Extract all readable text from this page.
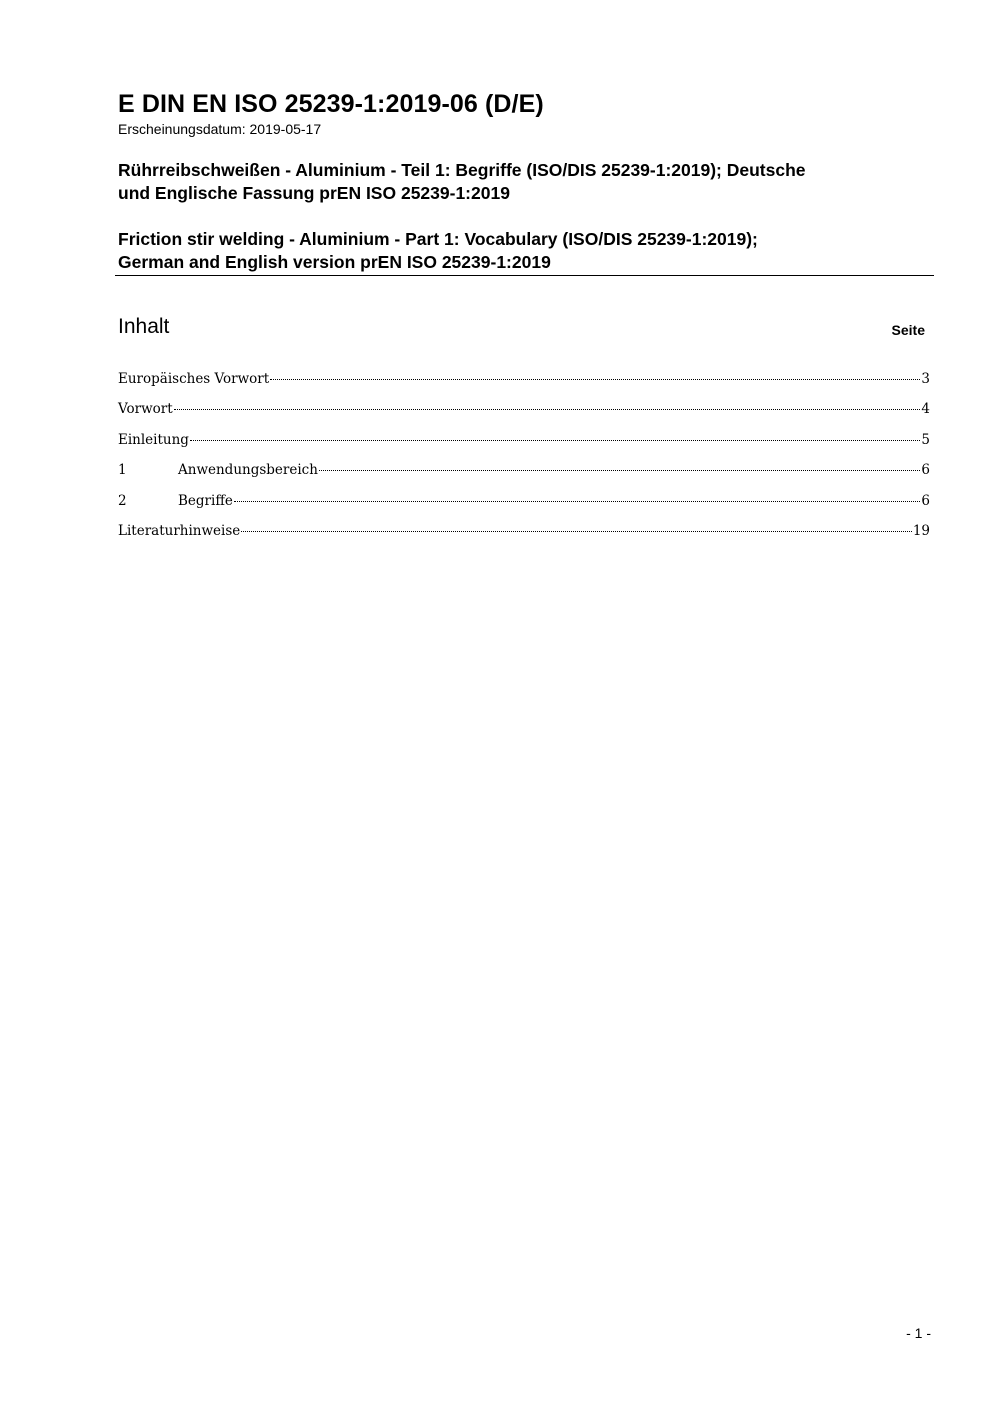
E DIN EN ISO 25239-1:2019-06 (D/E)
Erscheinungsdatum: 2019-05-17
Rührreibschweißen - Aluminium - Teil 1: Begriffe (ISO/DIS 25239-1:2019); Deutsche
und Englische Fassung prEN ISO 25239-1:2019
Friction stir welding - Aluminium - Part 1: Vocabulary (ISO/DIS 25239-1:2019);
German and English version prEN ISO 25239-1:2019
Inhalt	Seite
Europäisches Vorwort	3
Vorwort	4
Einleitung	5
1	Anwendungsbereich	6
2	Begriffe	6
Literaturhinweise	19
- 1 -
